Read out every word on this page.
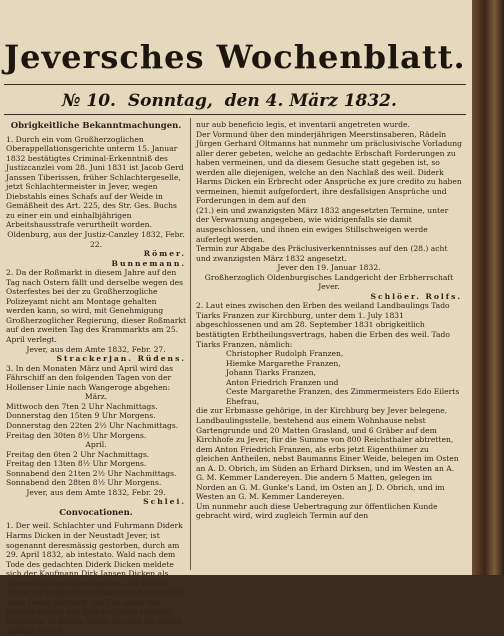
Jeversches Wochenblatt.
№ 10. Sonntag, den 4. März 1832.
Obrigkeitliche Bekanntmachungen.

1. Durch ein vom Großherzoglichen Oberappellationsgerichte unterm 15. Januar 1832 bestätigtes Criminal-Erkenntniß des Justizcanzlei vom 28. Juni 1831 ist Jacob Gerd Janssen Tiberissen, früher Schlachtergeselle, jetzt Schlachtermeister in Jever, wegen Diebstahls eines Schafs auf der Weide in Gemäßheit des Art. 225, des Str. Ges. Buchs zu einer ein und einhalbjährigen Arbeitshausstrafe verurtheilt worden.

Oldenburg, aus der Justiz-Canzley 1832, Febr. 22.

Römer.

Bunnemann.

2. Da der Roßmarkt in diesem Jahre auf den Tag nach Ostern fällt und derselbe wegen des Osterfestes bei der zu Großherzogliche Polizeyamt nicht am Montage gehalten werden kann, so wird, mit Genehmigung Großherzoglicher Regierung, dieser Roßmarkt auf den zweiten Tag des Krammarkts am 25. April verlegt.

Jever, aus dem Amte 1832, Febr. 27.

Strackerjan. Rüdens.

3. In den Monaten März und April wird das Fährschiff an den folgenden Tagen von der Hollenser Linie nach Wangeroge abgehen:

März.

Mittwoch den 7ten 2 Uhr Nachmittags.

Donnerstag den 15ten 9 Uhr Morgens.

Donnerstag den 22ten 2½ Uhr Nachmittags.

Freitag den 30ten 8½ Uhr Morgens.

April.

Freitag den 6ten 2 Uhr Nachmittags.

Freitag den 13ten 8½ Uhr Morgens.

Sonnabend den 21ten 2½ Uhr Nachmittags.

Sonnabend den 28ten 8½ Uhr Morgens.

Jever, aus dem Amte 1832, Febr. 29.

Schlei.

Convocationen.

1. Der weil. Schlachter und Fuhrmann Diderk Harms Dicken in der Neustadt Jever, ist sogenannt deresmässig gestorben, durch am 29. April 1832, ab intestato. Wald nach dem Tode des gedachten Diderk Dicken meldete sich der Kaufmann Dirk Jansen Dicken als dessen nächster Intestaterbe, und wurde dieser auch darauf ebenfalls Stand, treat sein Sohn Georg Gerhard, zur Zeit unter der Vormundschaft des Rädeln Jürgen Gerhard Oltmanns, in dessen Stelle, für den die Sache anlangt jedoch

nur aub beneficio legis, et inventarii angetreten wurde.

Der Vormund über den minderjährigen Meerstinsaberen, Rädeln Jürgen Gerhard Oltmanns hat nunmehr um präclusivische Vorladung aller derer gebeten, welche an gedachte Erbschaft Forderungen zu haben vermeinen, und da diesem Gesuche statt gegeben ist, so werden alle diejenigen, welche an den Nachlaß des weil. Diderk Harms Dicken ein Erbrecht oder Ansprüche ex jure credito zu haben vermeinen, hiemit aufgefordert, ihre desfallsigen Ansprüche und Forderungen in dem auf den

(21.) ein und zwanzigsten März 1832 angesetzten Termine, unter der Verwarnung angegeben, wie widrigenfalls sie damit ausgeschlossen, und ihnen ein ewiges Stillschweigen werde auferlegt werden.

Termin zur Abgabe des Präclusiverkenntnisses auf den (28.) acht und zwanzigsten März 1832 angesetzt.

Jever den 19. Januar 1832.

Großherzoglich Oldenburgisches Landgericht der Erbherrschaft Jever.

Schlöer. Rolfs.

2. Laut eines zwischen den Erben des weiland Landbaulings Tado Tiarks Franzen zur Kirchburg, unter dem 1. July 1831 abgeschlossenen und am 28. September 1831 obrigkeitlich bestätigten Erbtheilungsvertrags, haben die Erben des weil. Tado Tiarks Franzen, nämlich:

Christopher Rudolph Franzen,

Hiemke Margarethe Franzen,

Johann Tiarks Franzen,

Anton Friedrich Franzen und

Ceste Margarethe Franzen, des Zimmermeisters Edo Eilerts Ehefrau,

die zur Erbmasse gehörige, in der Kirchburg bey Jever belegene, Landbaulingsstelle, bestehend aus einem Wohnhause nebst Gartengrunde und 20 Matten Grasland, und 6 Gräber auf dem Kirchhofe zu Jever, für die Summe von 800 Reichsthaler abtretten, dem Anton Friedrich Franzen, als erbs jetzt Eigenthümer zu gleichen Antheilen, nebst Baumanns Einer Weide, belegen im Osten an A. D. Obrich, im Süden an Erhard Dirksen, und im Westen an A. G. M. Kemmer Landereyen. Die andern 5 Matten, gelegen im Norden an G. M. Gunke's Land, im Osten an J. D. Obrich, und im Westen an G. M. Kemmer Landereyen.

Um nunmehr auch diese Uebertragung zur öffentlichen Kunde gebracht wird, wird zugleich Termin auf den
